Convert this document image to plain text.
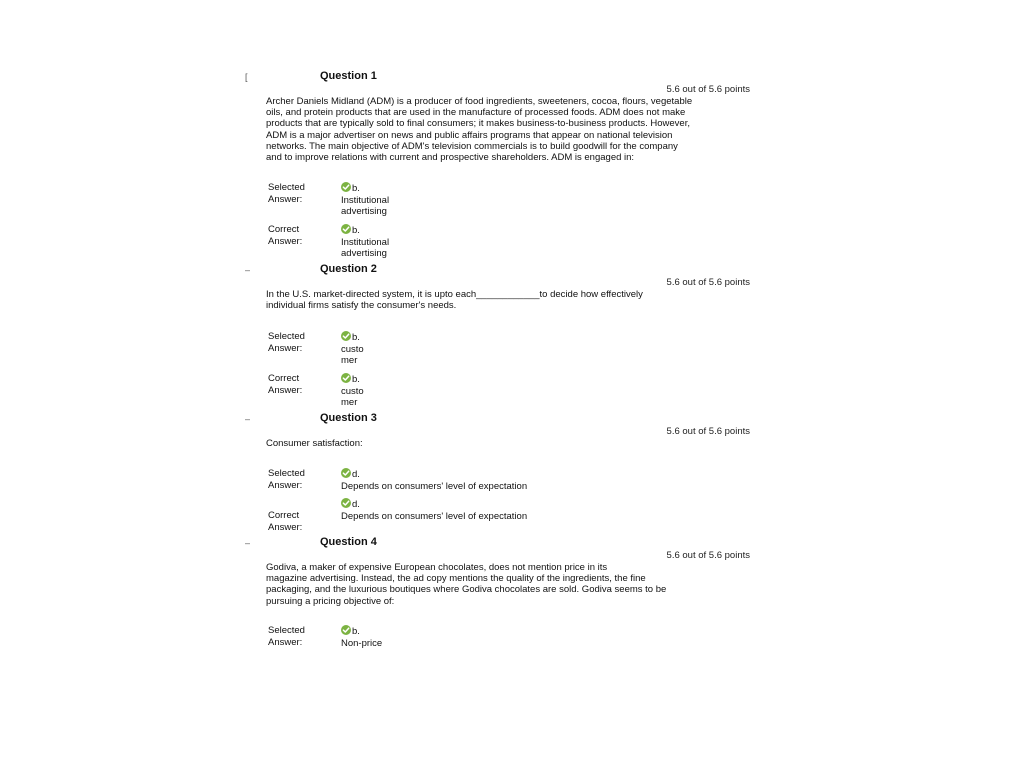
[	Question 1
5.6 out of 5.6 points
Archer Daniels Midland (ADM) is a producer of food ingredients, sweeteners, cocoa, flours, vegetable
oils, and protein products that are used in the manufacture of processed foods. ADM does not make
products that are typically sold to final consumers; it makes business-to-business products. However,
ADM is a major advertiser on news and public affairs programs that appear on national television
networks. The main objective of ADM's television commercials is to build goodwill for the company
and to improve relations with current and prospective shareholders. ADM is engaged in:
Selected
Answer:
b.
Institutional
advertising
Correct
Answer:
b.
Institutional
advertising
–	Question 2
5.6 out of 5.6 points
In the U.S. market-directed system, it is upto each____________to decide how effectively
individual firms satisfy the consumer's needs.
Selected
Answer:
b.
custo
mer
Correct
Answer:
b.
custo
mer
–	Question 3
5.6 out of 5.6 points
Consumer satisfaction:
Selected
Answer:
d.
Depends on consumers' level of expectation
Correct
Answer:
d.
Depends on consumers' level of expectation
–	Question 4
5.6 out of 5.6 points
Godiva, a maker of expensive European chocolates, does not mention price in its
magazine advertising. Instead, the ad copy mentions the quality of the ingredients, the fine
packaging, and the luxurious boutiques where Godiva chocolates are sold. Godiva seems to be
pursuing a pricing objective of:
Selected
Answer:
b.
Non-price
